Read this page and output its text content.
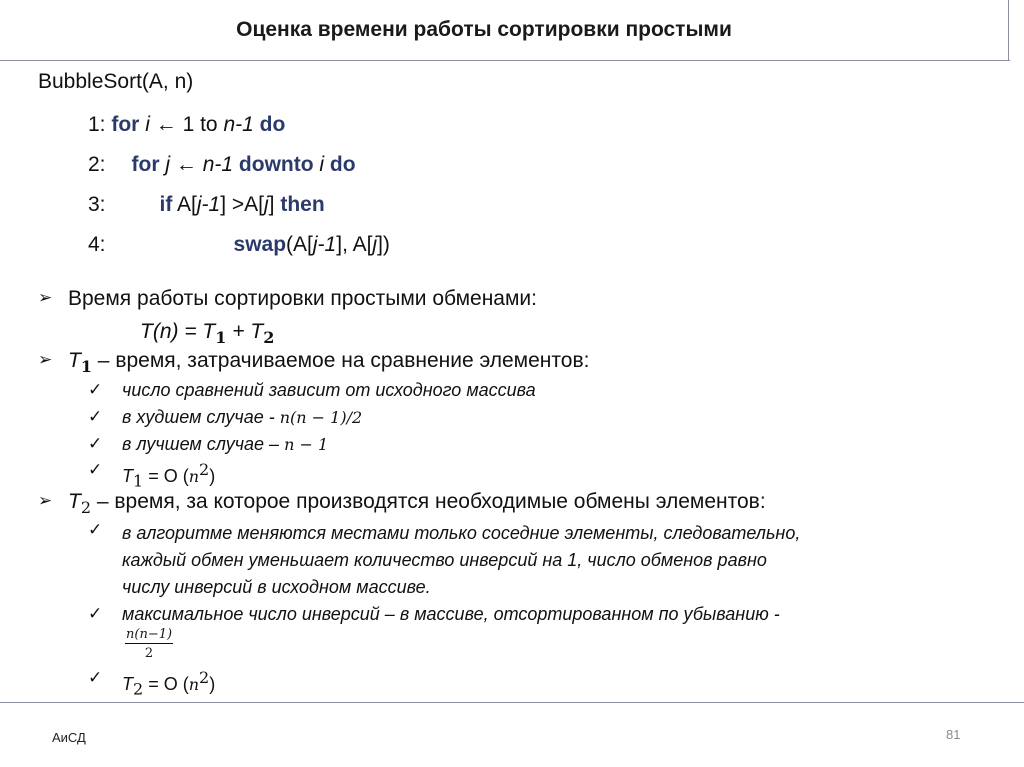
Оценка времени работы сортировки простыми
BubbleSort(A, n)
1: for i ← 1 to n-1 do
2: for j ← n-1 downto i do
3:	if A[j-1] >A[j] then
4:	swap(A[j-1], A[j])
➢ Время работы сортировки простыми обменами:
$T(n) = T_1 + T_2$
➢ $T_1$ – время, затрачиваемое на сравнение элементов:
✓ число сравнений зависит от исходного массива
✓ в худшем случае - n(n − 1)/2
✓ в лучшем случае – n − 1
✓ $T_1 = O$ $(n^2)$
➢ $T_2$ – время, за которое производятся необходимые обмены элементов:
✓ в алгоритме меняются местами только соседние элементы, следовательно,
каждый обмен уменьшает количество инверсий на 1, число обменов равно
числу инверсий в исходном массиве.
✓ максимальное число инверсий – в массиве, отсортированном по убыванию -
✓ $T_2 = O$ $(n^2)$
$\frac{n(n-1)}{2}$
АиСД	81
